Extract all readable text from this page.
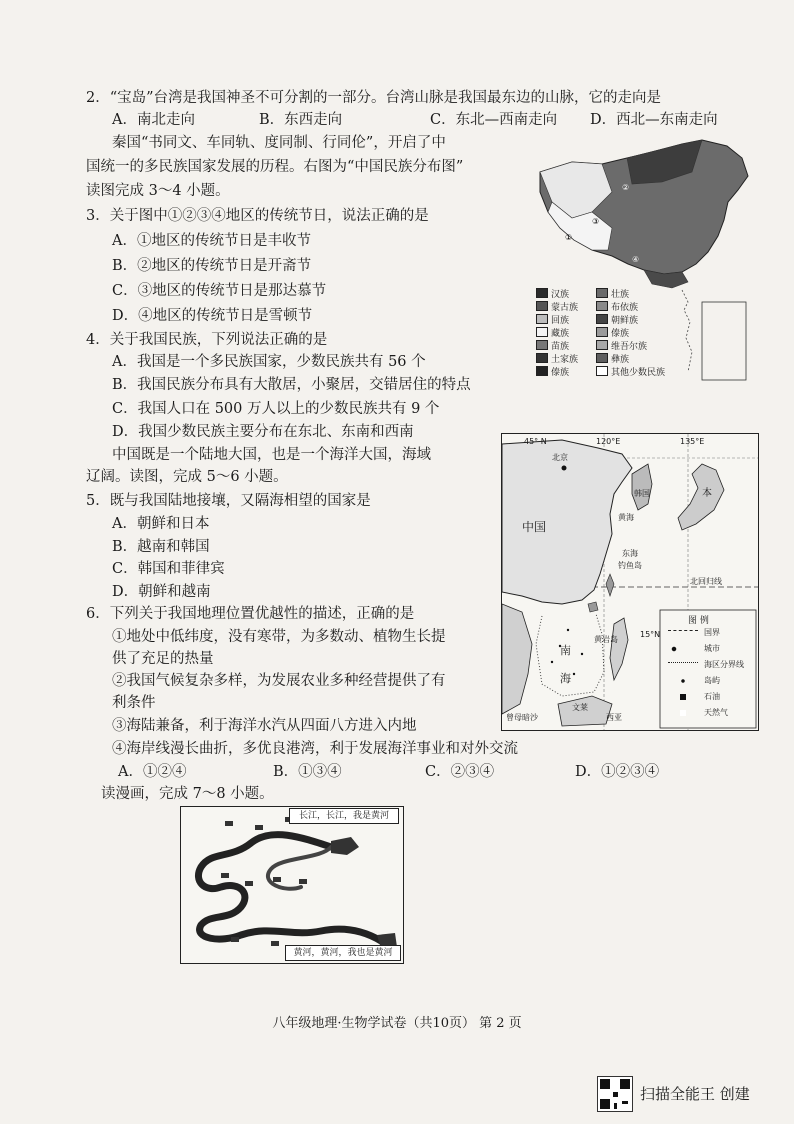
2．“宝岛”台湾是我国神圣不可分割的一部分。台湾山脉是我国最东边的山脉，它的走向是
A．南北走向	B．东西走向	C．东北—西南走向 D．西北—东南走向
秦国“书同文、车同轨、度同制、行同伦”，开启了中
国统一的多民族国家发展的历程。右图为“中国民族分布图”
读图完成 3～4 小题。
3．关于图中①②③④地区的传统节日，说法正确的是
A．①地区的传统节日是丰收节
B．②地区的传统节日是开斋节
C．③地区的传统节日是那达慕节
D．④地区的传统节日是雪顿节
4．关于我国民族，下列说法正确的是
A．我国是一个多民族国家，少数民族共有 56 个
B．我国民族分布具有大散居，小聚居，交错居住的特点
C．我国人口在 500 万人以上的少数民族共有 9 个
D．我国少数民族主要分布在东北、东南和西南
中国既是一个陆地大国，也是一个海洋大国，海域
辽阔。读图，完成 5～6 小题。
5．既与我国陆地接壤，又隔海相望的国家是
A．朝鲜和日本
B．越南和韩国
C．韩国和菲律宾
D．朝鲜和越南
6．下列关于我国地理位置优越性的描述，正确的是
①地处中低纬度，没有寒带，为多数动、植物生长提
供了充足的热量
②我国气候复杂多样，为发展农业多种经营提供了有
利条件
③海陆兼备，利于海洋水汽从四面八方进入内地
④海岸线漫长曲折，多优良港湾，利于发展海洋事业和对外交流
A．①②④	B．①③④	C．②③④	D．①②③④
读漫画，完成 7～8 小题。
①
②
③
④
汉族	壮族
蒙古族	布依族
回族	朝鲜族
藏族	傣族
苗族	维吾尔族
土家族	彝族
傣族	其他少数民族
45° N	120°E	135°E
北京
中国
韩国
黄海
东海
钓鱼岛
北回归线
本
南
海
黄岩岛
曾母暗沙
15°N
文莱
西亚
图 例
国界
城市
海区分界线
岛屿
石油
天然气
长江，长江，我是黄河
黄河，黄河，我也是黄河
八年级地理·生物学试卷（共10页） 第 2 页
扫描全能王 创建
